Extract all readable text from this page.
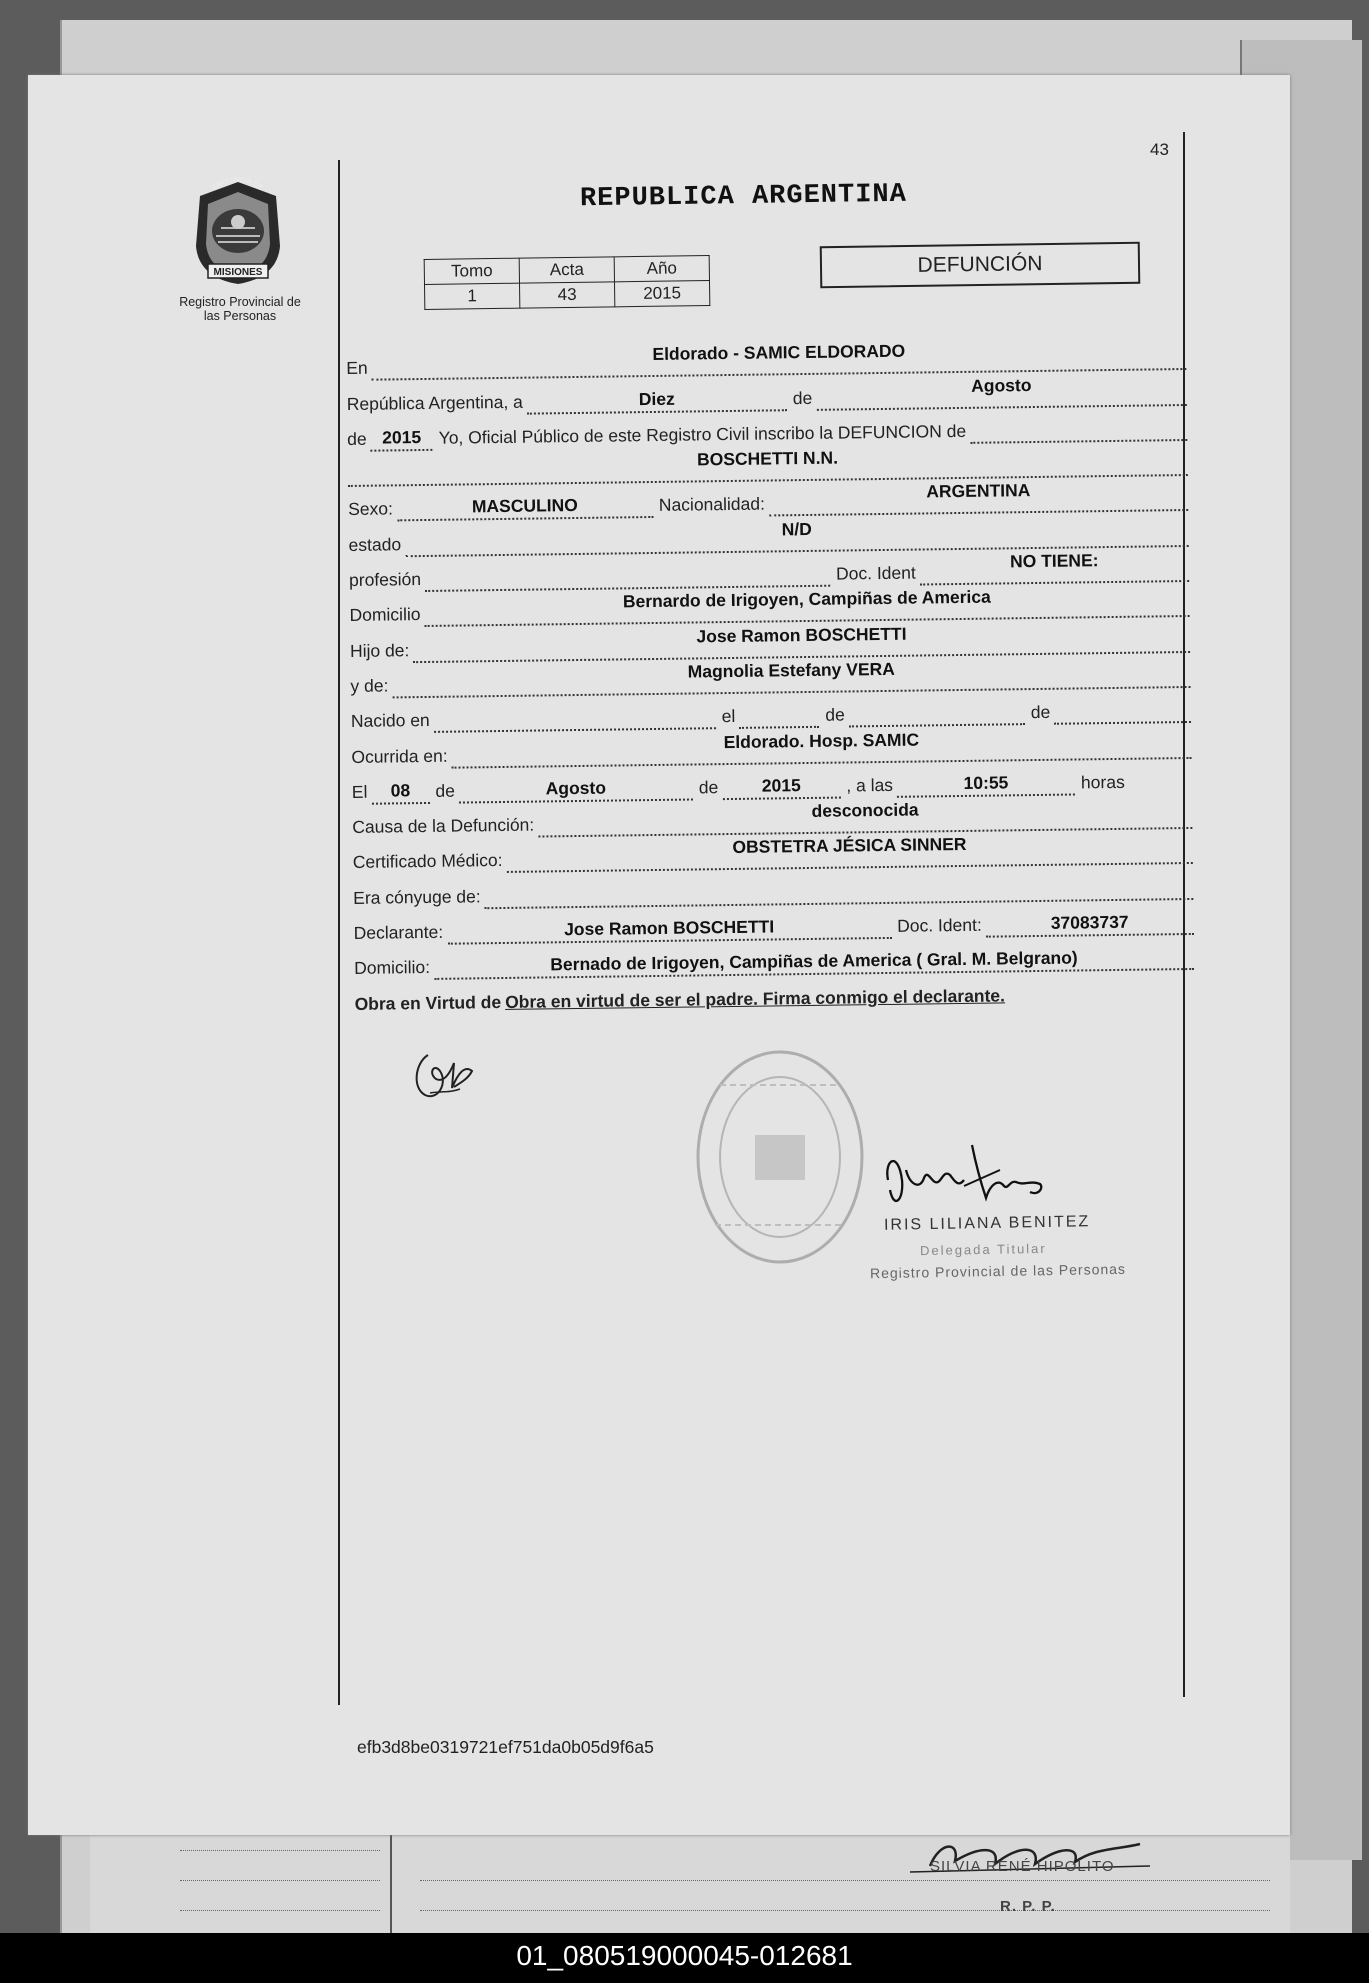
SILVIA RENÉ HIPOLITO
R. P. P.
43
MISIONES
PROVINCIA DE
Registro Provincial de
las Personas
REPUBLICA ARGENTINA
Tomo	Acta	Año
1	43	2015
DEFUNCIÓN
En
Eldorado - SAMIC ELDORADO
República Argentina, a	Diez	de
Agosto
de 2015 Yo, Oficial Público de este Registro Civil inscribo la DEFUNCION de
BOSCHETTI N.N.
Sexo:	MASCULINO	Nacionalidad:
ARGENTINA
estado
N/D
profesión	Doc. Ident
NO TIENE:
Domicilio
Bernardo de Irigoyen, Campiñas de America
Hijo de:
Jose Ramon BOSCHETTI
y de:
Magnolia Estefany VERA
Nacido en	el	de	de
Ocurrida en:
Eldorado. Hosp. SAMIC
El	08	de	Agosto	de	2015	, a las	10:55	horas
Causa de la Defunción:
desconocida
Certificado Médico:
OBSTETRA JÉSICA SINNER
Era cónyuge de:
Declarante:	Jose Ramon BOSCHETTI	Doc. Ident:	37083737
Domicilio:	Bernado de Irigoyen, Campiñas de America ( Gral. M. Belgrano)
Obra en Virtud de Obra en virtud de ser el padre. Firma conmigo el declarante.
IRIS LILIANA BENITEZ
Delegada Titular
Registro Provincial de las Personas
efb3d8be0319721ef751da0b05d9f6a5
01_080519000045-012681
